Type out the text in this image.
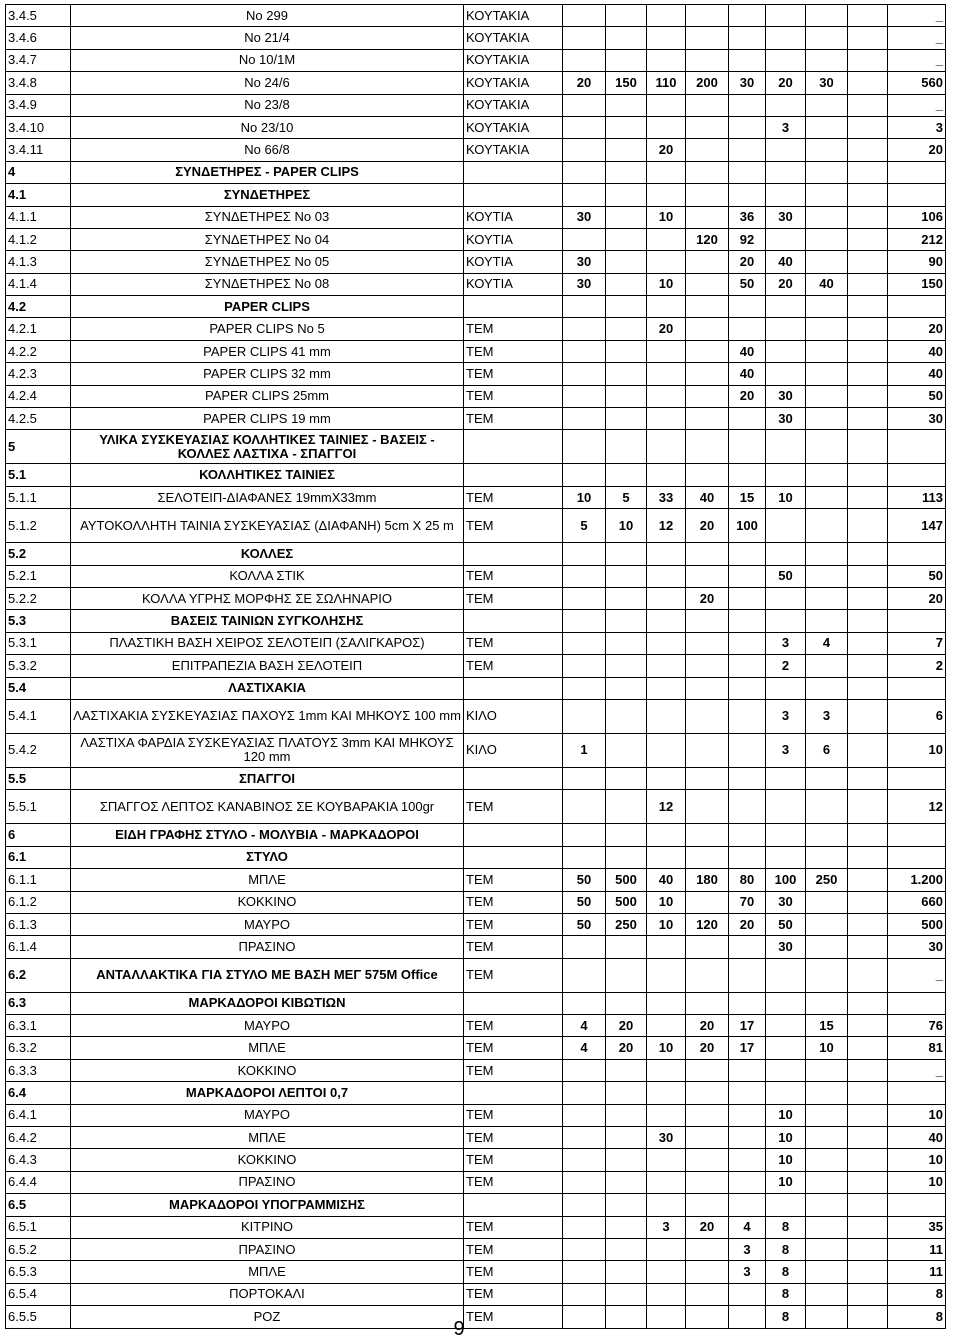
3.4.5	No 299	ΚΟΥΤΑΚΙΑ									_
3.4.6	No 21/4	ΚΟΥΤΑΚΙΑ									_
3.4.7	No 10/1M	ΚΟΥΤΑΚΙΑ									_
3.4.8	No 24/6	ΚΟΥΤΑΚΙΑ	20	150	110	200	30	20	30		560
3.4.9	No 23/8	ΚΟΥΤΑΚΙΑ									_
3.4.10	No 23/10	ΚΟΥΤΑΚΙΑ						3			3
3.4.11	No 66/8	ΚΟΥΤΑΚΙΑ			20						20
4	ΣΥΝΔΕΤΗΡΕΣ - PAPER CLIPS										
4.1	ΣΥΝΔΕΤΗΡΕΣ										
4.1.1	ΣΥΝΔΕΤΗΡΕΣ No 03	ΚΟΥΤΙΑ	30		10		36	30			106
4.1.2	ΣΥΝΔΕΤΗΡΕΣ No 04	ΚΟΥΤΙΑ				120	92				212
4.1.3	ΣΥΝΔΕΤΗΡΕΣ No 05	ΚΟΥΤΙΑ	30				20	40			90
4.1.4	ΣΥΝΔΕΤΗΡΕΣ No 08	ΚΟΥΤΙΑ	30		10		50	20	40		150
4.2	PAPER CLIPS										
4.2.1	PAPER CLIPS No 5	ΤΕΜ			20						20
4.2.2	PAPER CLIPS 41 mm	ΤΕΜ					40				40
4.2.3	PAPER CLIPS 32 mm	ΤΕΜ					40				40
4.2.4	PAPER CLIPS 25mm	ΤΕΜ					20	30			50
4.2.5	PAPER CLIPS 19 mm	ΤΕΜ						30			30
5	ΥΛΙΚΑ ΣΥΣΚΕΥΑΣΙΑΣ ΚΟΛΛΗΤΙΚΕΣ ΤΑΙΝΙΕΣ - ΒΑΣΕΙΣ - ΚΟΛΛΕΣ ΛΑΣΤΙΧΑ - ΣΠΑΓΓΟΙ										
5.1	ΚΟΛΛΗΤΙΚΕΣ ΤΑΙΝΙΕΣ										
5.1.1	ΣΕΛΟΤΕΙΠ-ΔΙΑΦΑΝΕΣ 19mmX33mm	ΤΕΜ	10	5	33	40	15	10			113
5.1.2	ΑΥΤΟΚΟΛΛΗΤΗ ΤΑΙΝΙΑ ΣΥΣΚΕΥΑΣΙΑΣ (ΔΙΑΦΑΝΗ) 5cm X 25 m	ΤΕΜ	5	10	12	20	100				147
5.2	ΚΟΛΛΕΣ										
5.2.1	ΚΟΛΛΑ ΣΤΙΚ	ΤΕΜ						50			50
5.2.2	ΚΟΛΛΑ ΥΓΡΗΣ ΜΟΡΦΗΣ ΣΕ ΣΩΛΗΝΑΡΙΟ	ΤΕΜ				20					20
5.3	ΒΑΣΕΙΣ ΤΑΙΝΙΩΝ ΣΥΓΚΟΛΗΣΗΣ										
5.3.1	ΠΛΑΣΤΙΚΗ ΒΑΣΗ ΧΕΙΡΟΣ ΣΕΛΟΤΕΙΠ (ΣΑΛΙΓΚΑΡΟΣ)	ΤΕΜ						3	4		7
5.3.2	ΕΠΙΤΡΑΠΕΖΙΑ ΒΑΣΗ ΣΕΛΟΤΕΙΠ	ΤΕΜ						2			2
5.4	ΛΑΣΤΙΧΑΚΙΑ										
5.4.1	ΛΑΣΤΙΧΑΚΙΑ ΣΥΣΚΕΥΑΣΙΑΣ ΠΑΧΟΥΣ 1mm ΚΑΙ ΜΗΚΟΥΣ 100 mm	ΚΙΛΟ						3	3		6
5.4.2	ΛΑΣΤΙΧΑ ΦΑΡΔΙΑ ΣΥΣΚΕΥΑΣΙΑΣ ΠΛΑΤΟΥΣ 3mm ΚΑΙ ΜΗΚΟΥΣ 120 mm	ΚΙΛΟ	1					3	6		10
5.5	ΣΠΑΓΓΟΙ										
5.5.1	ΣΠΑΓΓΟΣ ΛΕΠΤΟΣ ΚΑΝΑΒΙΝΟΣ ΣΕ ΚΟΥΒΑΡΑΚΙΑ 100gr	ΤΕΜ			12						12
6	ΕΙΔΗ ΓΡΑΦΗΣ ΣΤΥΛΟ - ΜΟΛΥΒΙΑ - ΜΑΡΚΑΔΟΡΟΙ										
6.1	ΣΤΥΛΟ										
6.1.1	ΜΠΛΕ	ΤΕΜ	50	500	40	180	80	100	250		1.200
6.1.2	ΚΟΚΚΙΝΟ	ΤΕΜ	50	500	10		70	30			660
6.1.3	ΜΑΥΡΟ	ΤΕΜ	50	250	10	120	20	50			500
6.1.4	ΠΡΑΣΙΝΟ	ΤΕΜ						30			30
6.2	ΑΝΤΑΛΛΑΚΤΙΚΑ ΓΙΑ ΣΤΥΛΟ ΜΕ ΒΑΣΗ ΜΕΓ 575Μ Office	ΤΕΜ									_
6.3	ΜΑΡΚΑΔΟΡΟΙ ΚΙΒΩΤΙΩΝ										
6.3.1	ΜΑΥΡΟ	ΤΕΜ	4	20		20	17		15		76
6.3.2	ΜΠΛΕ	ΤΕΜ	4	20	10	20	17		10		81
6.3.3	ΚΟΚΚΙΝΟ	ΤΕΜ									_
6.4	ΜΑΡΚΑΔΟΡΟΙ ΛΕΠΤΟΙ 0,7										
6.4.1	ΜΑΥΡΟ	ΤΕΜ						10			10
6.4.2	ΜΠΛΕ	ΤΕΜ			30			10			40
6.4.3	ΚΟΚΚΙΝΟ	ΤΕΜ						10			10
6.4.4	ΠΡΑΣΙΝΟ	ΤΕΜ						10			10
6.5	ΜΑΡΚΑΔΟΡΟΙ ΥΠΟΓΡΑΜΜΙΣΗΣ										
6.5.1	ΚΙΤΡΙΝΟ	ΤΕΜ			3	20	4	8			35
6.5.2	ΠΡΑΣΙΝΟ	ΤΕΜ					3	8			11
6.5.3	ΜΠΛΕ	ΤΕΜ					3	8			11
6.5.4	ΠΟΡΤΟΚΑΛΙ	ΤΕΜ						8			8
6.5.5	ΡΟΖ	ΤΕΜ						8			8
9
